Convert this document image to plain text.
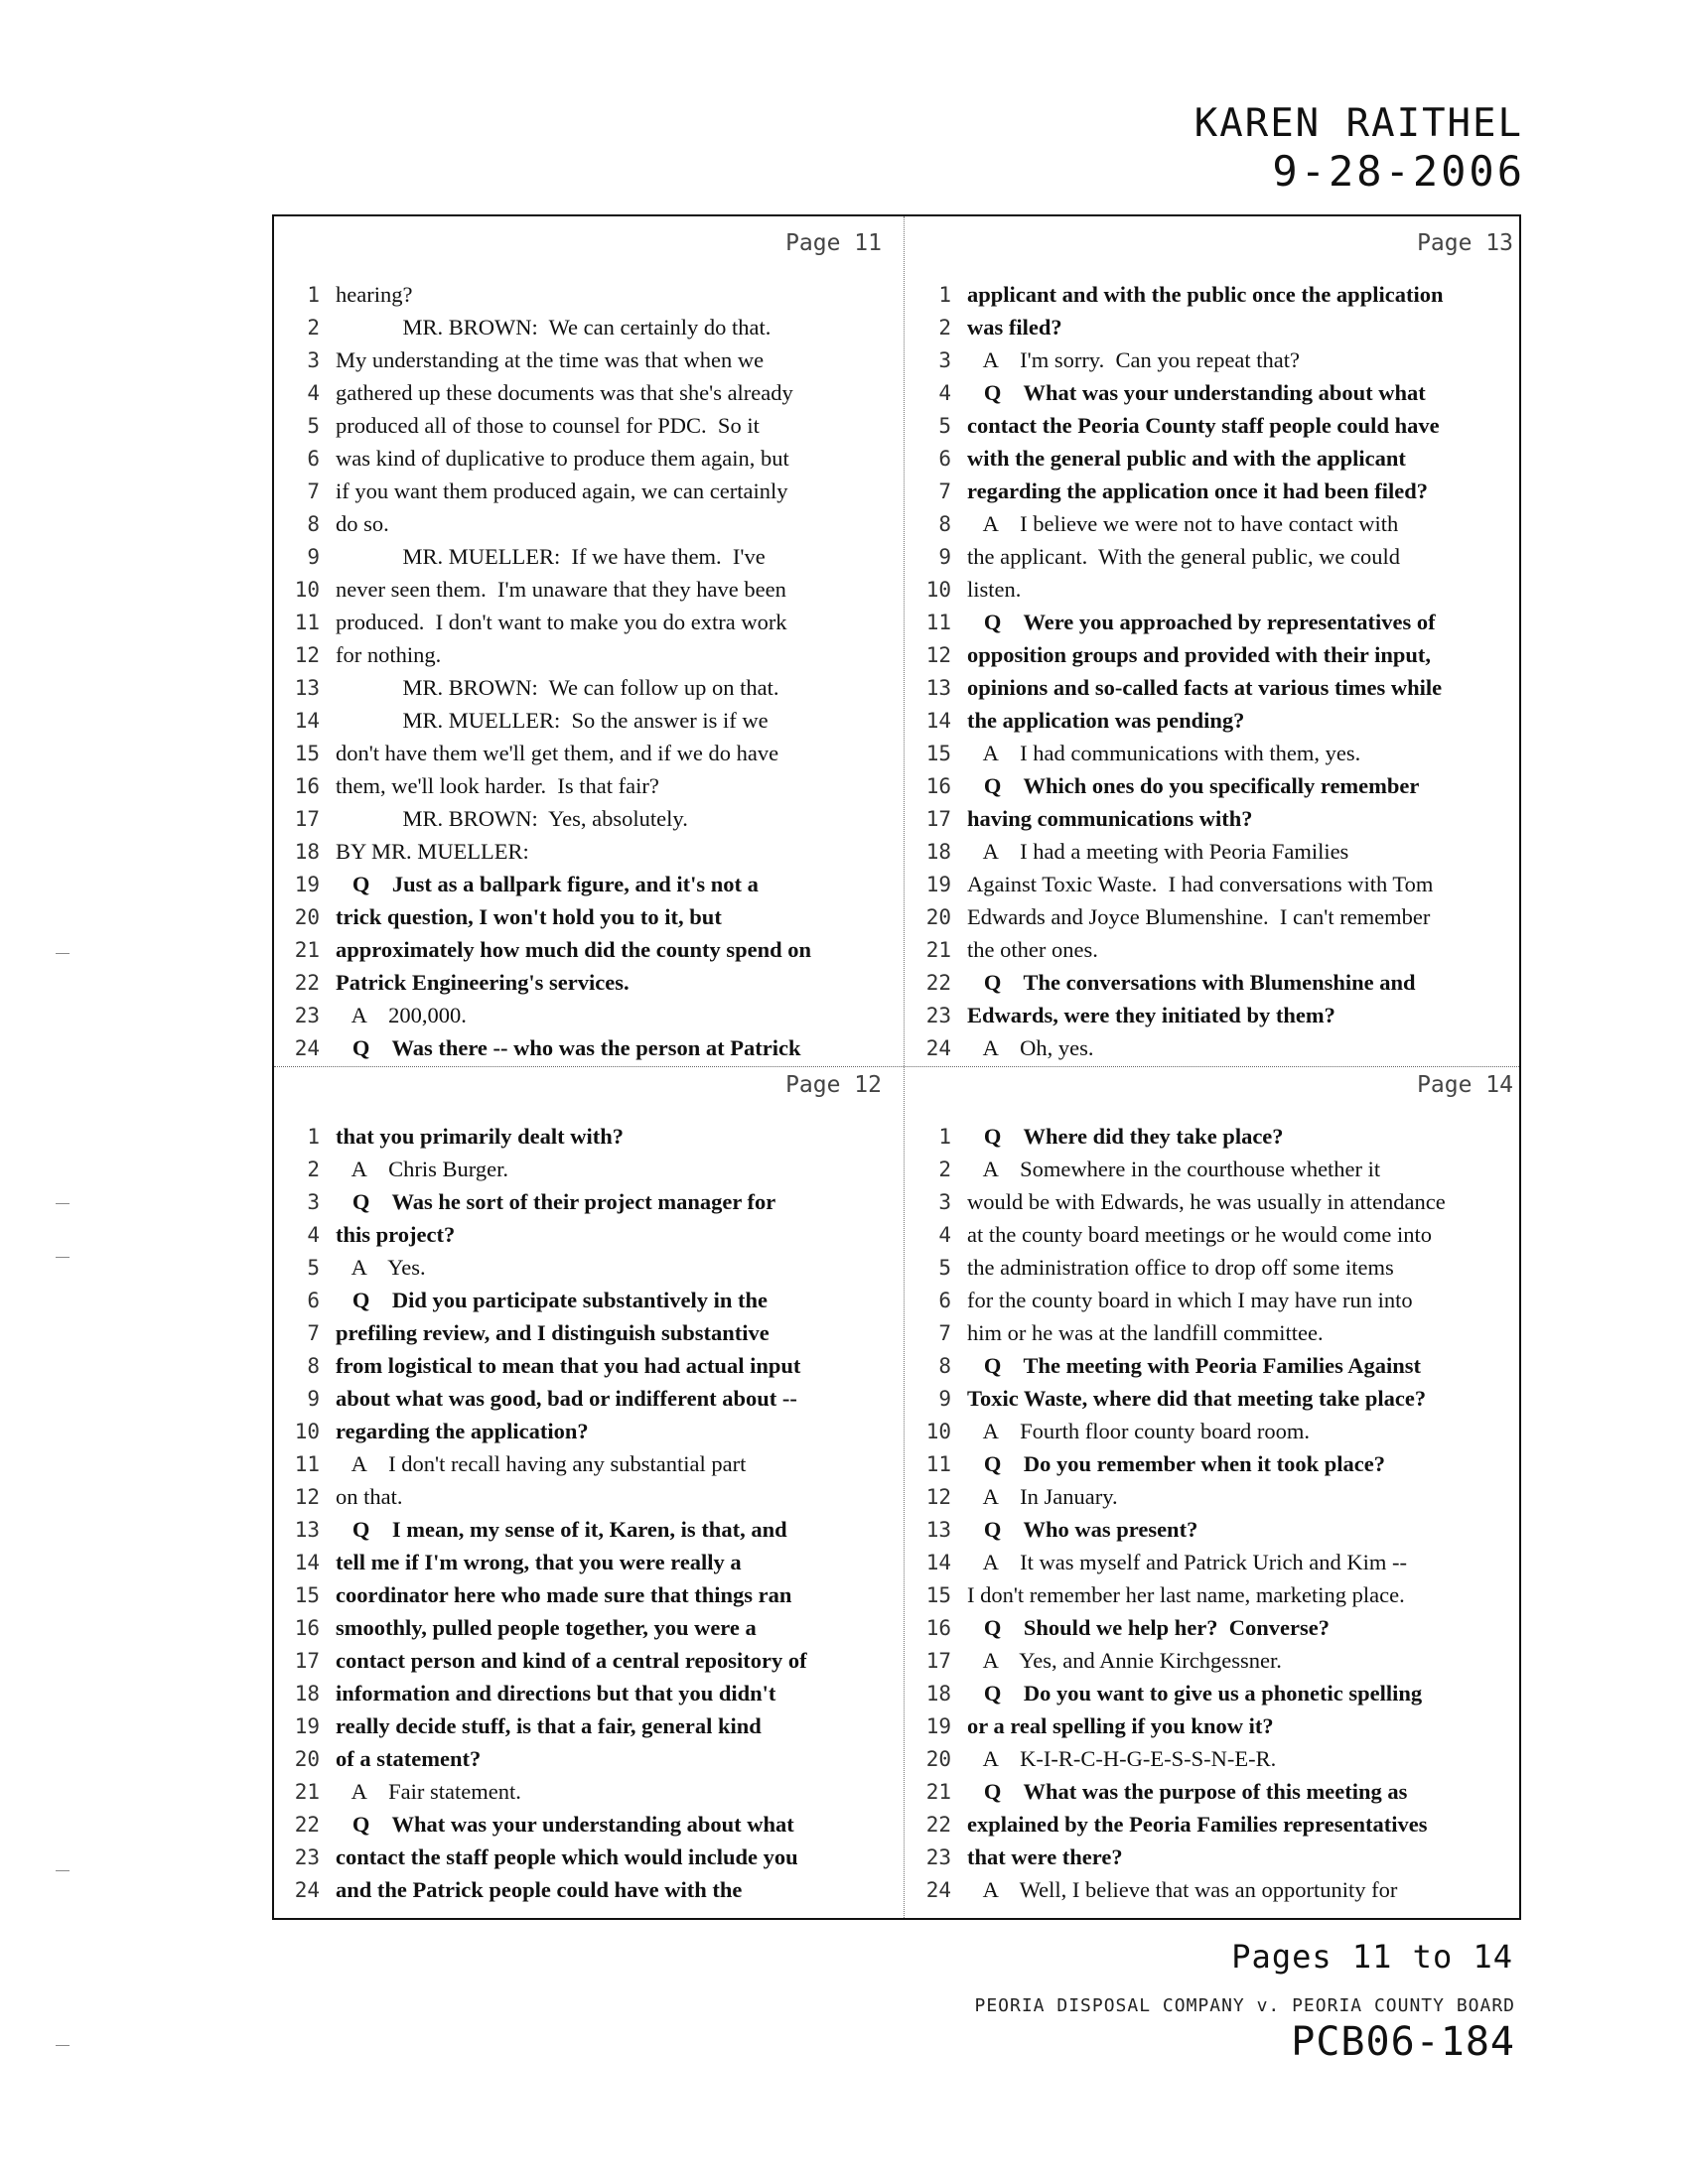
KAREN RAITHEL
9-28-2006
Page 11
1 hearing?
2 MR. BROWN:  We can certainly do that.
3 My understanding at the time was that when we
4 gathered up these documents was that she's already
5 produced all of those to counsel for PDC.  So it
6 was kind of duplicative to produce them again, but
7 if you want them produced again, we can certainly
8 do so.
9 MR. MUELLER:  If we have them.  I've
10 never seen them.  I'm unaware that they have been
11 produced.  I don't want to make you do extra work
12 for nothing.
13 MR. BROWN:  We can follow up on that.
14 MR. MUELLER:  So the answer is if we
15 don't have them we'll get them, and if we do have
16 them, we'll look harder.  Is that fair?
17 MR. BROWN:  Yes, absolutely.
18 BY MR. MUELLER:
19 Q    Just as a ballpark figure, and it's not a
20 trick question, I won't hold you to it, but
21 approximately how much did the county spend on
22 Patrick Engineering's services.
23 A    200,000.
24 Q    Was there -- who was the person at Patrick
Page 13
1 applicant and with the public once the application
2 was filed?
3 A    I'm sorry.  Can you repeat that?
4 Q    What was your understanding about what
5 contact the Peoria County staff people could have
6 with the general public and with the applicant
7 regarding the application once it had been filed?
8 A    I believe we were not to have contact with
9 the applicant.  With the general public, we could
10 listen.
11 Q    Were you approached by representatives of
12 opposition groups and provided with their input,
13 opinions and so-called facts at various times while
14 the application was pending?
15 A    I had communications with them, yes.
16 Q    Which ones do you specifically remember
17 having communications with?
18 A    I had a meeting with Peoria Families
19 Against Toxic Waste.  I had conversations with Tom
20 Edwards and Joyce Blumenshine.  I can't remember
21 the other ones.
22 Q    The conversations with Blumenshine and
23 Edwards, were they initiated by them?
24 A    Oh, yes.
Page 12
1 that you primarily dealt with?
2 A    Chris Burger.
3 Q    Was he sort of their project manager for
4 this project?
5 A    Yes.
6 Q    Did you participate substantively in the
7 prefiling review, and I distinguish substantive
8 from logistical to mean that you had actual input
9 about what was good, bad or indifferent about --
10 regarding the application?
11 A    I don't recall having any substantial part
12 on that.
13 Q    I mean, my sense of it, Karen, is that, and
14 tell me if I'm wrong, that you were really a
15 coordinator here who made sure that things ran
16 smoothly, pulled people together, you were a
17 contact person and kind of a central repository of
18 information and directions but that you didn't
19 really decide stuff, is that a fair, general kind
20 of a statement?
21 A    Fair statement.
22 Q    What was your understanding about what
23 contact the staff people which would include you
24 and the Patrick people could have with the
Page 14
1 Q    Where did they take place?
2 A    Somewhere in the courthouse whether it
3 would be with Edwards, he was usually in attendance
4 at the county board meetings or he would come into
5 the administration office to drop off some items
6 for the county board in which I may have run into
7 him or he was at the landfill committee.
8 Q    The meeting with Peoria Families Against
9 Toxic Waste, where did that meeting take place?
10 A    Fourth floor county board room.
11 Q    Do you remember when it took place?
12 A    In January.
13 Q    Who was present?
14 A    It was myself and Patrick Urich and Kim --
15 I don't remember her last name, marketing place.
16 Q    Should we help her?  Converse?
17 A    Yes, and Annie Kirchgessner.
18 Q    Do you want to give us a phonetic spelling
19 or a real spelling if you know it?
20 A    K-I-R-C-H-G-E-S-S-N-E-R.
21 Q    What was the purpose of this meeting as
22 explained by the Peoria Families representatives
23 that were there?
24 A    Well, I believe that was an opportunity for
Pages 11 to 14
PEORIA DISPOSAL COMPANY v. PEORIA COUNTY BOARD
PCB06-184
